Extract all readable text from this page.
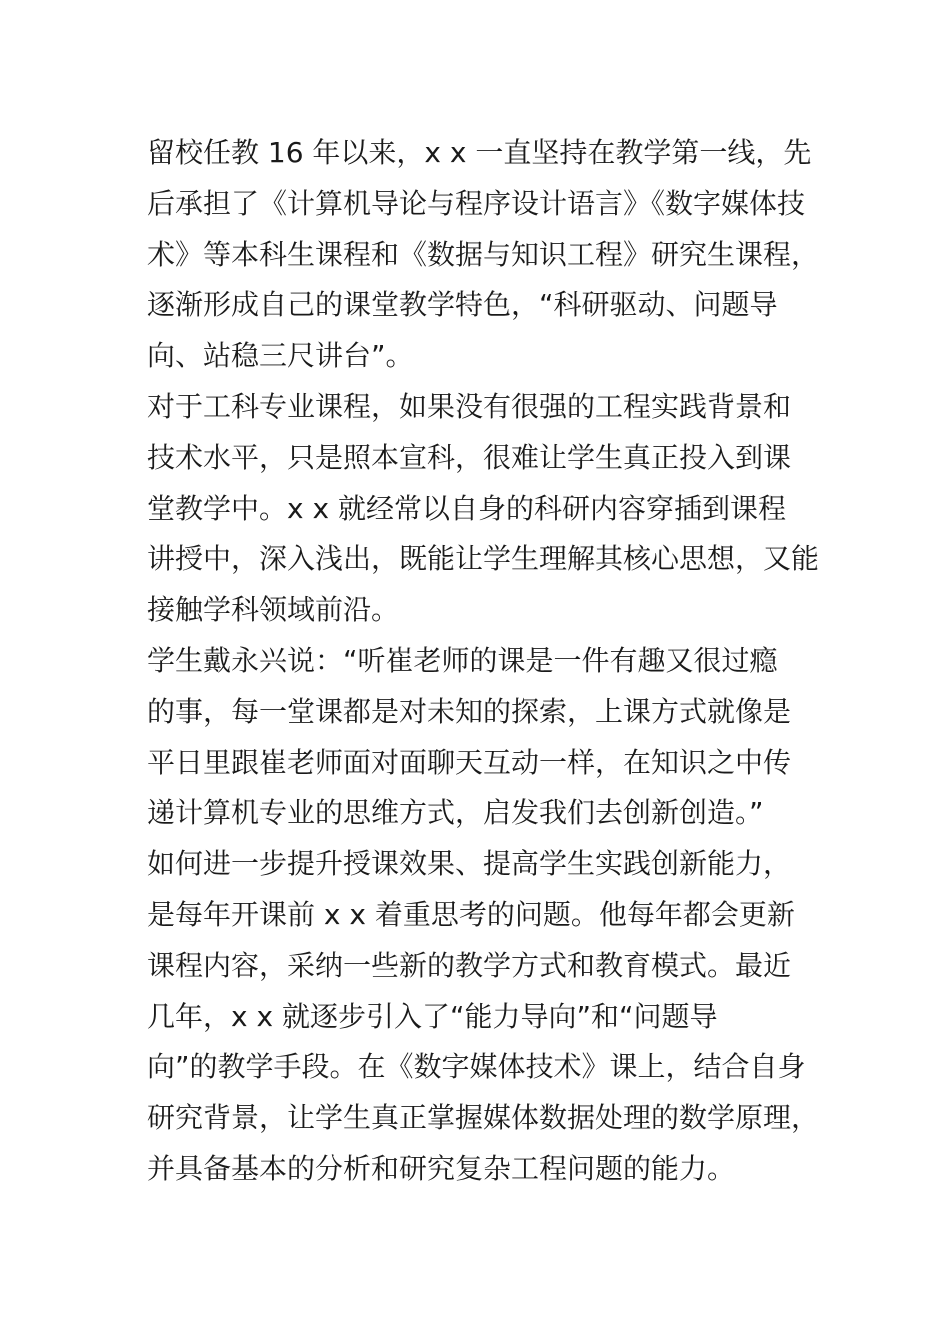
留校任教 16 年以来，x x 一直坚持在教学第一线，先
后承担了《计算机导论与程序设计语言》《数字媒体技
术》等本科生课程和《数据与知识工程》研究生课程，
逐渐形成自己的课堂教学特色，“科研驱动、问题导
向、站稳三尺讲台”。
对于工科专业课程，如果没有很强的工程实践背景和
技术水平，只是照本宣科，很难让学生真正投入到课
堂教学中。x x 就经常以自身的科研内容穿插到课程
讲授中，深入浅出，既能让学生理解其核心思想，又能
接触学科领域前沿。
学生戴永兴说：“听崔老师的课是一件有趣又很过瘾
的事，每一堂课都是对未知的探索，上课方式就像是
平日里跟崔老师面对面聊天互动一样，在知识之中传
递计算机专业的思维方式，启发我们去创新创造。”
如何进一步提升授课效果、提高学生实践创新能力，
是每年开课前 x x 着重思考的问题。他每年都会更新
课程内容，采纳一些新的教学方式和教育模式。最近
几年，x x 就逐步引入了“能力导向”和“问题导
向”的教学手段。在《数字媒体技术》课上，结合自身
研究背景，让学生真正掌握媒体数据处理的数学原理，
并具备基本的分析和研究复杂工程问题的能力。
